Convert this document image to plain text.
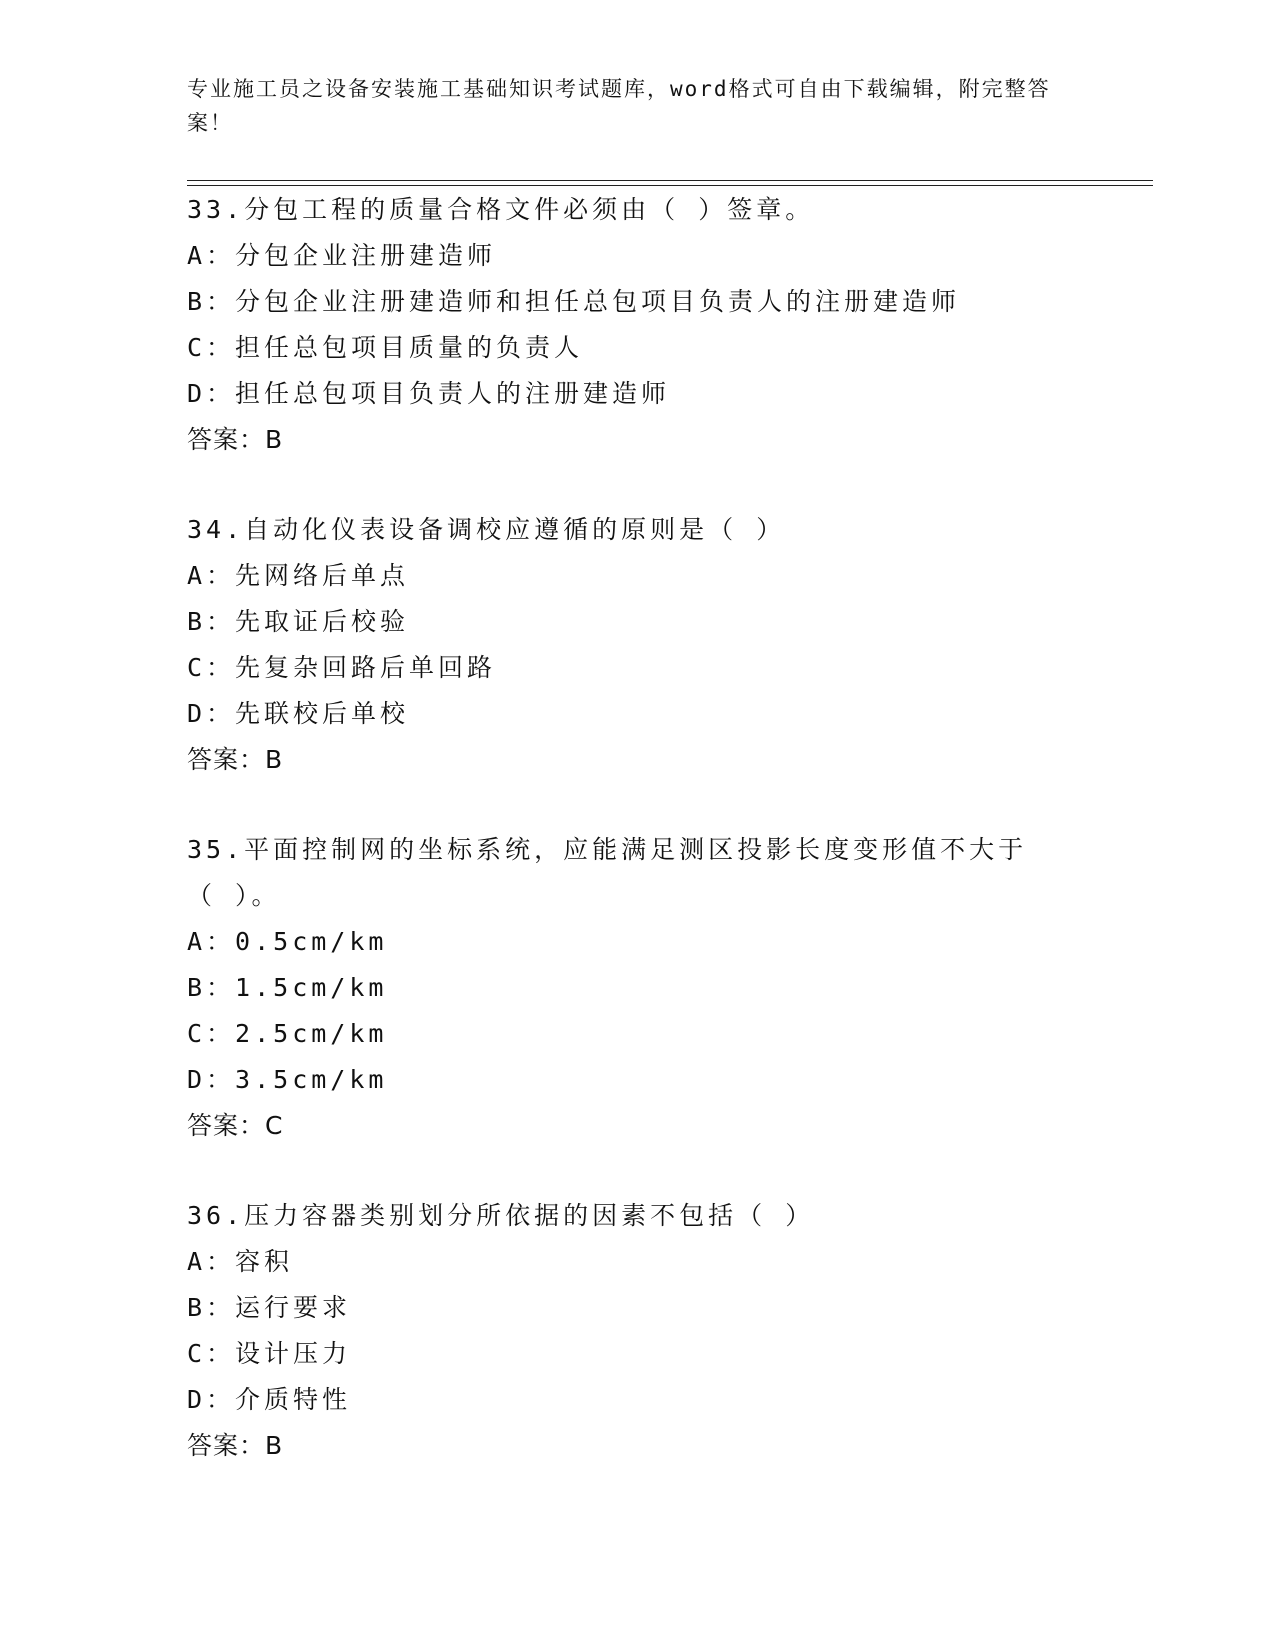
专业施工员之设备安装施工基础知识考试题库，word格式可自由下载编辑，附完整答案！
33.分包工程的质量合格文件必须由（ ）签章。
A：分包企业注册建造师
B：分包企业注册建造师和担任总包项目负责人的注册建造师
C：担任总包项目质量的负责人
D：担任总包项目负责人的注册建造师
答案：B
34.自动化仪表设备调校应遵循的原则是（ ）
A：先网络后单点
B：先取证后校验
C：先复杂回路后单回路
D：先联校后单校
答案：B
35.平面控制网的坐标系统，应能满足测区投影长度变形值不大于（ ）。
A：0.5cm/km
B：1.5cm/km
C：2.5cm/km
D：3.5cm/km
答案：C
36.压力容器类别划分所依据的因素不包括（ ）
A：容积
B：运行要求
C：设计压力
D：介质特性
答案：B
